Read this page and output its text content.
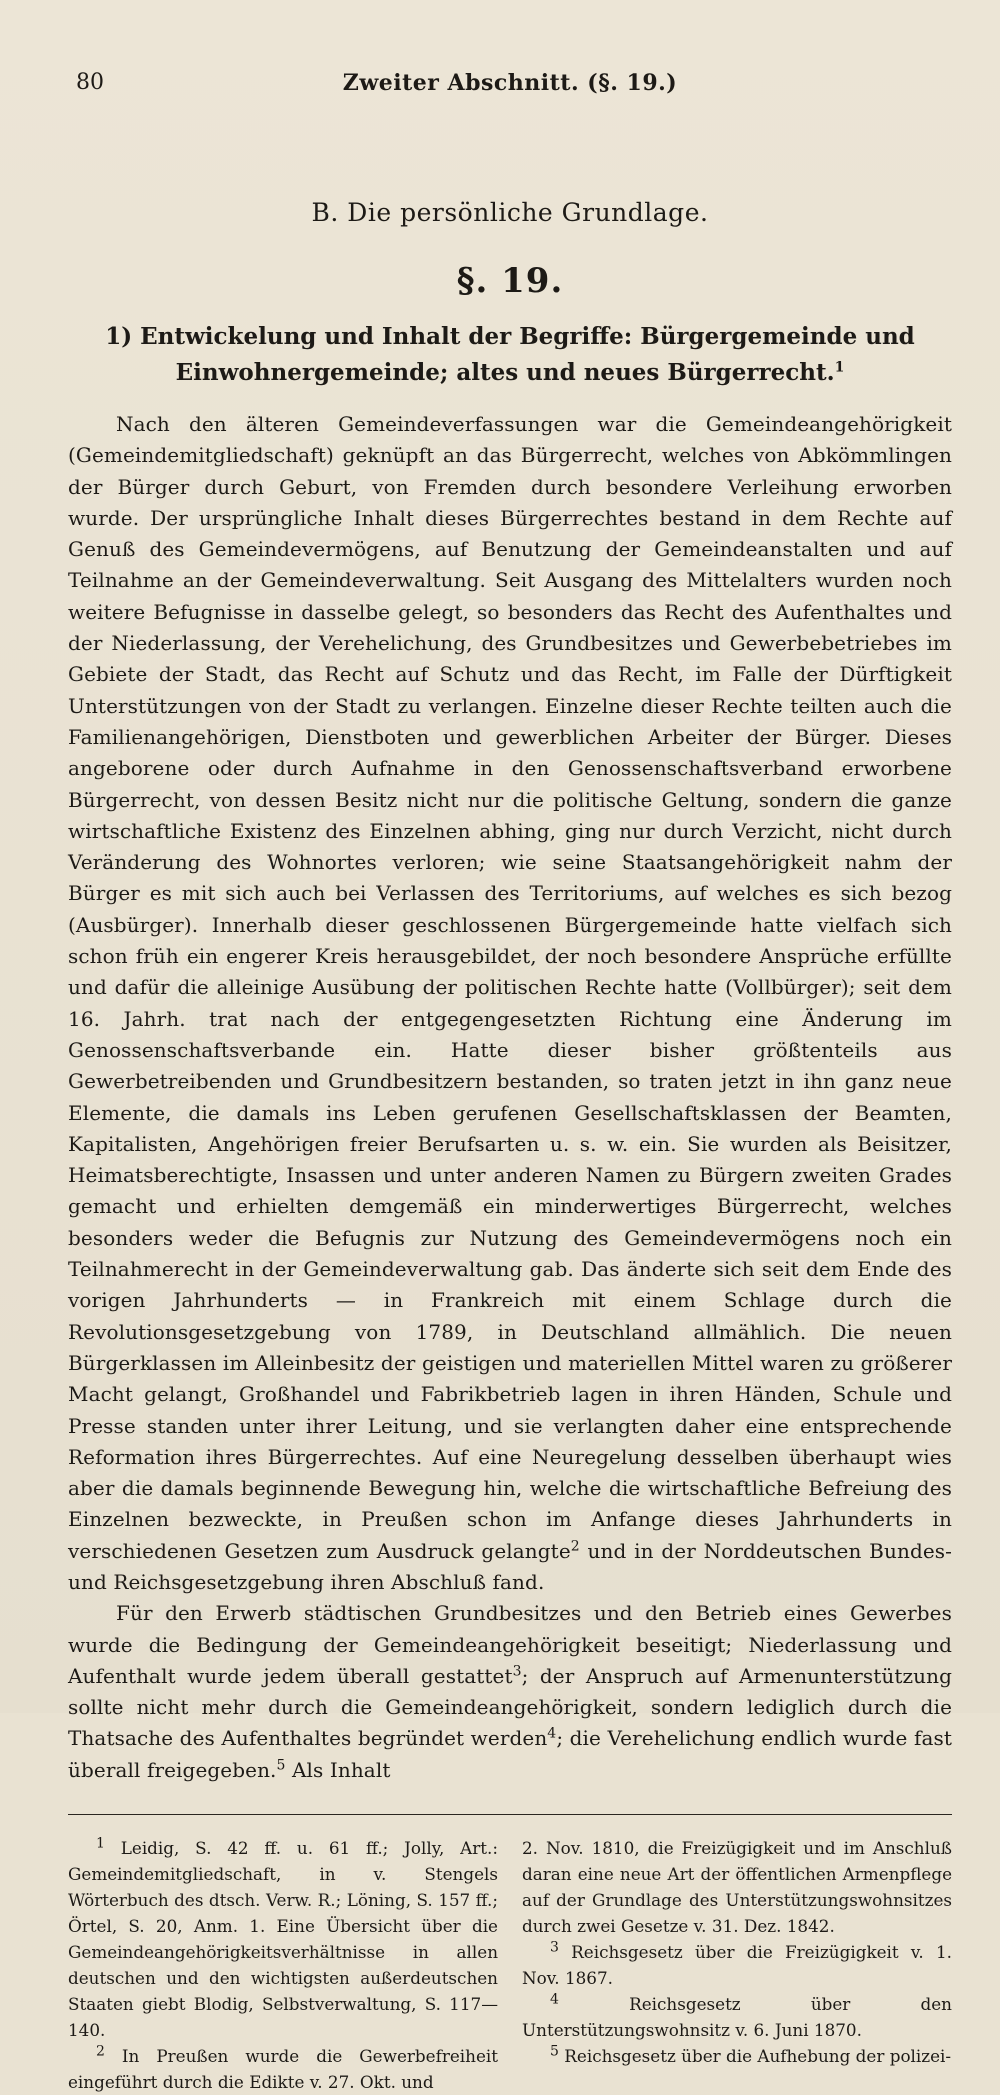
80	Zweiter Abschnitt. (§. 19.)
B. Die persönliche Grundlage.
§. 19.
1) Entwickelung und Inhalt der Begriffe: Bürgergemeinde und Einwohnergemeinde; altes und neues Bürgerrecht.$^1$

Nach den älteren Gemeindeverfassungen war die Gemeindeangehörigkeit (Gemeindemitgliedschaft) geknüpft an das Bürgerrecht, welches von Abkömmlingen der Bürger durch Geburt, von Fremden durch besondere Verleihung erworben wurde. Der ursprüngliche Inhalt dieses Bürgerrechtes bestand in dem Rechte auf Genuß des Gemeindevermögens, auf Benutzung der Gemeindeanstalten und auf Teilnahme an der Gemeindeverwaltung. Seit Ausgang des Mittelalters wurden noch weitere Befugnisse in dasselbe gelegt, so besonders das Recht des Aufenthaltes und der Niederlassung, der Verehelichung, des Grundbesitzes und Gewerbebetriebes im Gebiete der Stadt, das Recht auf Schutz und das Recht, im Falle der Dürftigkeit Unterstützungen von der Stadt zu verlangen. Einzelne dieser Rechte teilten auch die Familienangehörigen, Dienstboten und gewerblichen Arbeiter der Bürger. Dieses angeborene oder durch Aufnahme in den Genossenschaftsverband erworbene Bürgerrecht, von dessen Besitz nicht nur die politische Geltung, sondern die ganze wirtschaftliche Existenz des Einzelnen abhing, ging nur durch Verzicht, nicht durch Veränderung des Wohnortes verloren; wie seine Staatsangehörigkeit nahm der Bürger es mit sich auch bei Verlassen des Territoriums, auf welches es sich bezog (Ausbürger). Innerhalb dieser geschlossenen Bürgergemeinde hatte vielfach sich schon früh ein engerer Kreis herausgebildet, der noch besondere Ansprüche erfüllte und dafür die alleinige Ausübung der politischen Rechte hatte (Vollbürger); seit dem 16. Jahrh. trat nach der entgegengesetzten Richtung eine Änderung im Genossenschaftsverbande ein. Hatte dieser bisher größtenteils aus Gewerbetreibenden und Grundbesitzern bestanden, so traten jetzt in ihn ganz neue Elemente, die damals ins Leben gerufenen Gesellschaftsklassen der Beamten, Kapitalisten, Angehörigen freier Berufsarten u. s. w. ein. Sie wurden als Beisitzer, Heimatsberechtigte, Insassen und unter anderen Namen zu Bürgern zweiten Grades gemacht und erhielten demgemäß ein minderwertiges Bürgerrecht, welches besonders weder die Befugnis zur Nutzung des Gemeindevermögens noch ein Teilnahmerecht in der Gemeindeverwaltung gab. Das änderte sich seit dem Ende des vorigen Jahrhunderts — in Frankreich mit einem Schlage durch die Revolutionsgesetzgebung von 1789, in Deutschland allmählich. Die neuen Bürgerklassen im Alleinbesitz der geistigen und materiellen Mittel waren zu größerer Macht gelangt, Großhandel und Fabrikbetrieb lagen in ihren Händen, Schule und Presse standen unter ihrer Leitung, und sie verlangten daher eine entsprechende Reformation ihres Bürgerrechtes. Auf eine Neuregelung desselben überhaupt wies aber die damals beginnende Bewegung hin, welche die wirtschaftliche Befreiung des Einzelnen bezweckte, in Preußen schon im Anfange dieses Jahrhunderts in verschiedenen Gesetzen zum Ausdruck gelangte$^2$ und in der Norddeutschen Bundes- und Reichsgesetzgebung ihren Abschluß fand.

Für den Erwerb städtischen Grundbesitzes und den Betrieb eines Gewerbes wurde die Bedingung der Gemeindeangehörigkeit beseitigt; Niederlassung und Aufenthalt wurde jedem überall gestattet$^3$; der Anspruch auf Armenunterstützung sollte nicht mehr durch die Gemeindeangehörigkeit, sondern lediglich durch die Thatsache des Aufenthaltes begründet werden$^4$; die Verehelichung endlich wurde fast überall freigegeben.$^5$ Als Inhalt

$^1$ Leidig, S. 42 ff. u. 61 ff.; Jolly, Art.: Gemeindemitgliedschaft, in v. Stengels Wörterbuch des dtsch. Verw. R.; Löning, S. 157 ff.; Örtel, S. 20, Anm. 1. Eine Übersicht über die Gemeindeangehörigkeitsverhältnisse in allen deutschen und den wichtigsten außerdeutschen Staaten giebt Blodig, Selbstverwaltung, S. 117—140.

$^2$ In Preußen wurde die Gewerbefreiheit eingeführt durch die Edikte v. 27. Okt. und

2. Nov. 1810, die Freizügigkeit und im Anschluß daran eine neue Art der öffentlichen Armenpflege auf der Grundlage des Unterstützungswohnsitzes durch zwei Gesetze v. 31. Dez. 1842.

$^3$ Reichsgesetz über die Freizügigkeit v. 1. Nov. 1867.

$^4$ Reichsgesetz über den Unterstützungswohnsitz v. 6. Juni 1870.

$^5$ Reichsgesetz über die Aufhebung der polizei-
